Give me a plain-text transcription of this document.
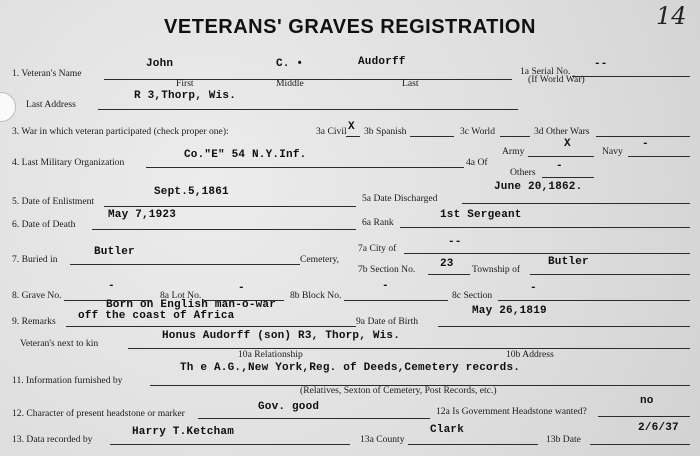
VETERANS' GRAVES REGISTRATION	14
1. Veteran's Name
John	C. •	Audorff
First	Middle	Last
1a Serial No.
--
(If World War)
Last Address
R 3,Thorp, Wis.
3. War in which veteran participated (check proper one):	3a Civil X 3b Spanish	3c World	3d Other Wars
4. Last Military Organization
Co."E" 54 N.Y.Inf.
4a Of
Army
X
Navy
-
Others
-
5. Date of Enlistment
Sept.5,1861
5a Date Discharged
June 20,1862.
6. Date of Death
May 7,1923
6a Rank
1st Sergeant
7. Buried in
Butler
Cemetery,
7a City of
--
7b Section No. 23 Township of
Butler
8. Grave No.
-
8a Lot No.
-
8b Block No.
-
8c Section
-
Born on English man-o-war
9. Remarks off the coast of Africa	9a Date of Birth
May 26,1819
Veteran's next to kin
Honus Audorff (son) R3, Thorp, Wis.
10a Relationship	10b Address
11. Information furnished by
Th e A.G.,New York,Reg. of Deeds,Cemetery records.
(Relatives, Sexton of Cemetery, Post Records, etc.)
12. Character of present headstone or marker
Gov. good	12a Is Government Headstone wanted?
no
13. Data recorded by
Harry T.Ketcham
13a County
Clark
13b Date
2/6/37
